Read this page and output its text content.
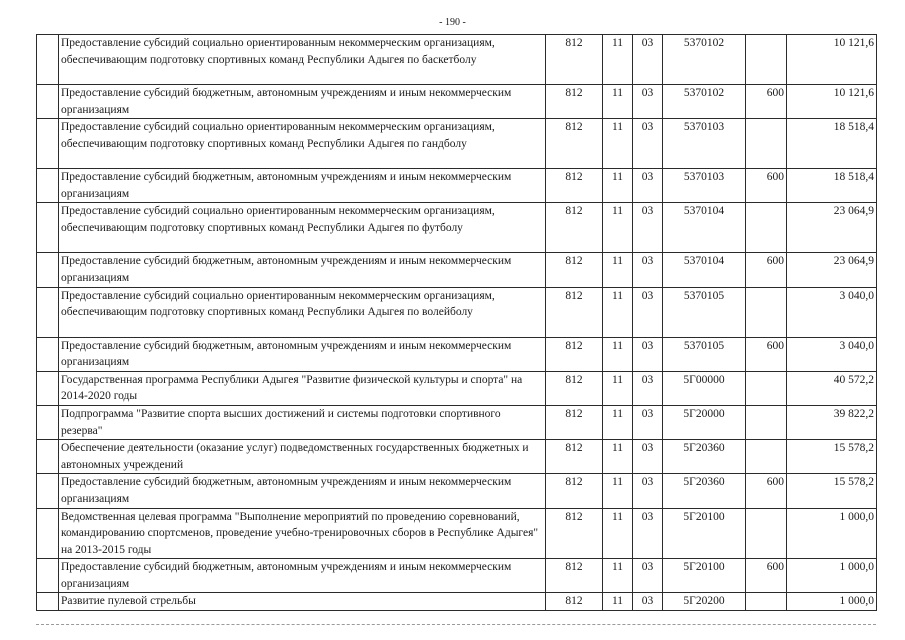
- 190 -
	Предоставление субсидий социально ориентированным некоммерческим организациям, обеспечивающим подготовку спортивных команд Республики Адыгея по баскетболу	812	11	03	5370102		10 121,6
	Предоставление субсидий бюджетным, автономным учреждениям и иным некоммерческим организациям	812	11	03	5370102	600	10 121,6
	Предоставление субсидий социально ориентированным некоммерческим организациям, обеспечивающим подготовку спортивных команд Республики Адыгея по гандболу	812	11	03	5370103		18 518,4
	Предоставление субсидий бюджетным, автономным учреждениям и иным некоммерческим организациям	812	11	03	5370103	600	18 518,4
	Предоставление субсидий социально ориентированным некоммерческим организациям, обеспечивающим подготовку спортивных команд Республики Адыгея по футболу	812	11	03	5370104		23 064,9
	Предоставление субсидий бюджетным, автономным учреждениям и иным некоммерческим организациям	812	11	03	5370104	600	23 064,9
	Предоставление субсидий социально ориентированным некоммерческим организациям, обеспечивающим подготовку спортивных команд Республики Адыгея по волейболу	812	11	03	5370105		3 040,0
	Предоставление субсидий бюджетным, автономным учреждениям и иным некоммерческим организациям	812	11	03	5370105	600	3 040,0
	Государственная программа Республики Адыгея "Развитие физической культуры и спорта" на 2014-2020 годы	812	11	03	5Г00000		40 572,2
	Подпрограмма "Развитие спорта высших достижений и системы подготовки спортивного резерва"	812	11	03	5Г20000		39 822,2
	Обеспечение деятельности (оказание услуг) подведомственных государственных бюджетных и автономных учреждений	812	11	03	5Г20360		15 578,2
	Предоставление субсидий бюджетным, автономным учреждениям и иным некоммерческим организациям	812	11	03	5Г20360	600	15 578,2
	Ведомственная целевая программа "Выполнение мероприятий по проведению соревнований, командированию спортсменов, проведение учебно-тренировочных сборов в Республике Адыгея" на 2013-2015 годы	812	11	03	5Г20100		1 000,0
	Предоставление субсидий бюджетным, автономным учреждениям и иным некоммерческим организациям	812	11	03	5Г20100	600	1 000,0
	Развитие пулевой стрельбы	812	11	03	5Г20200		1 000,0
